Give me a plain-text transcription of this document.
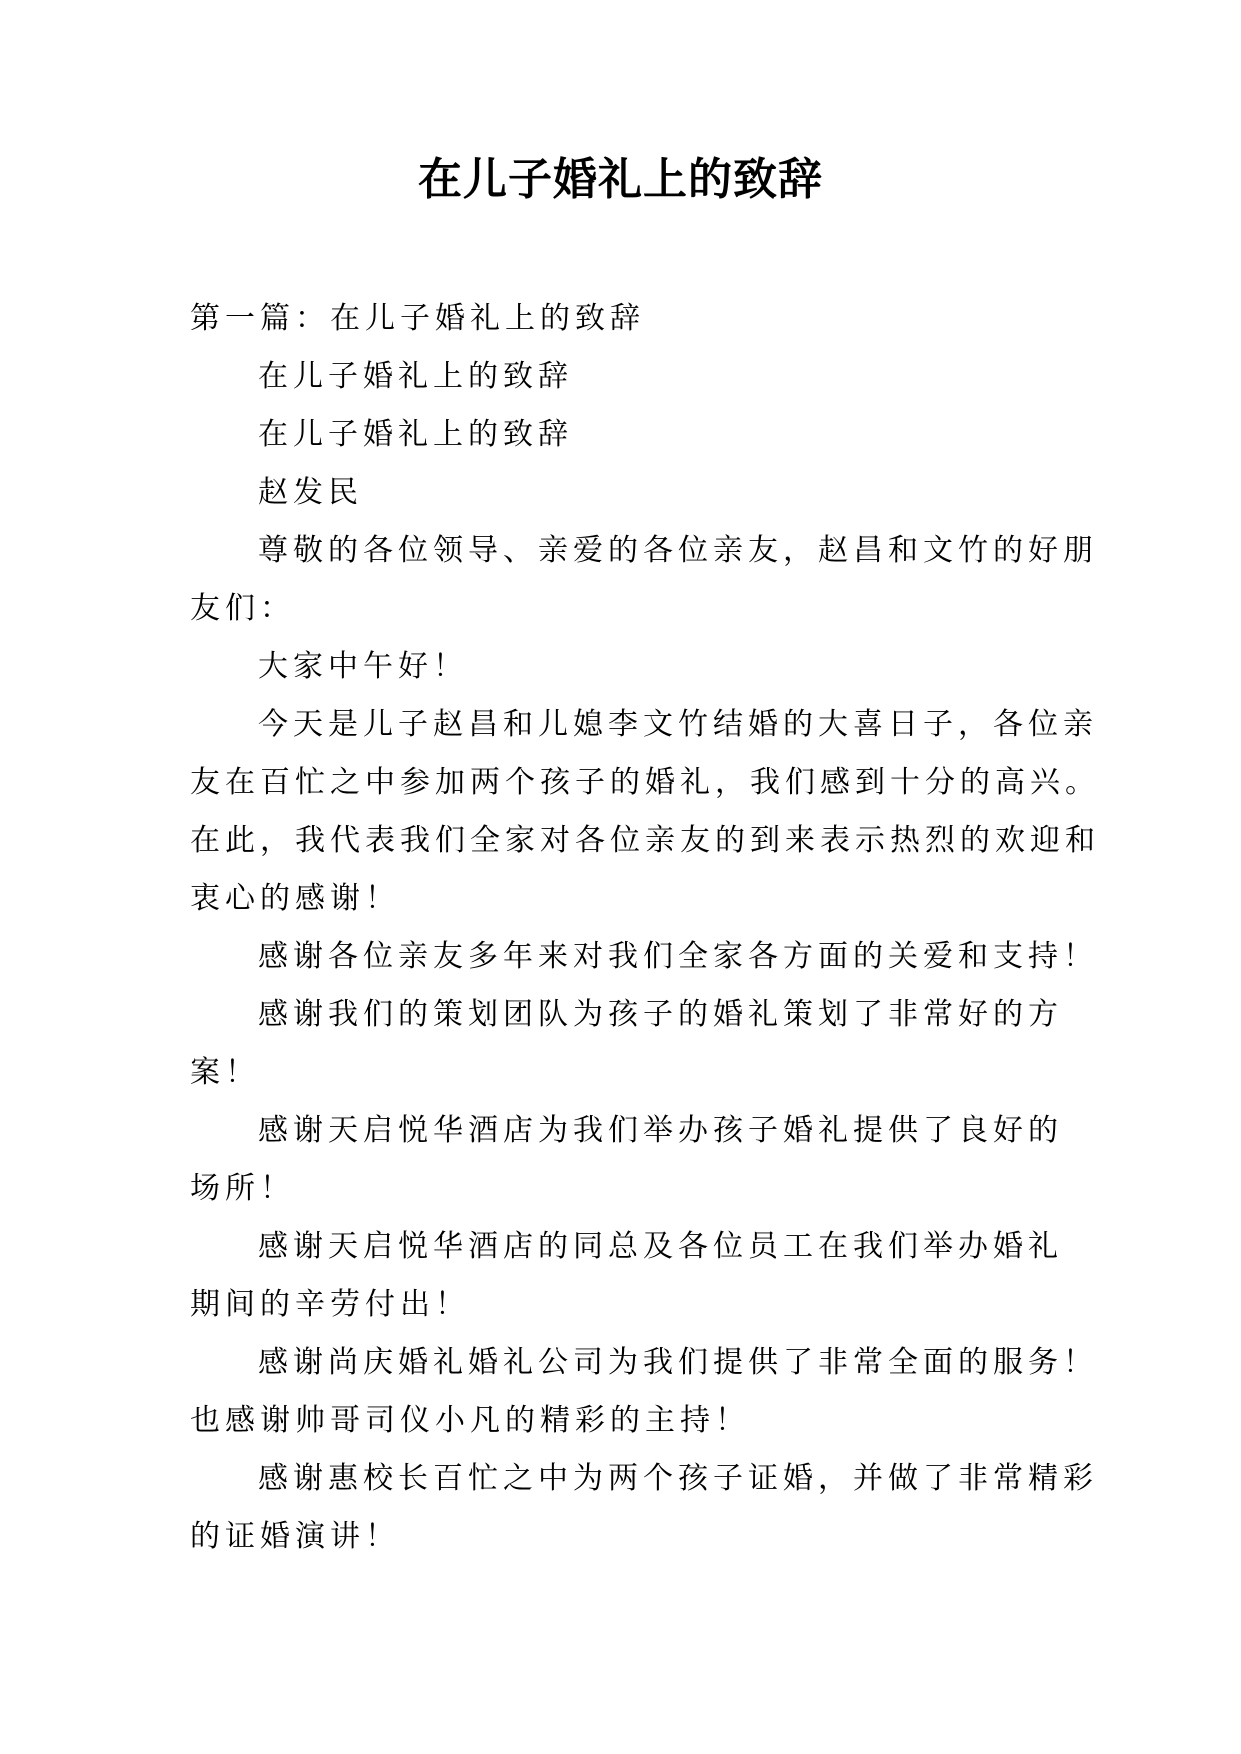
在儿子婚礼上的致辞

第一篇：在儿子婚礼上的致辞

在儿子婚礼上的致辞

在儿子婚礼上的致辞

赵发民

尊敬的各位领导、亲爱的各位亲友，赵昌和文竹的好朋

友们：

大家中午好！

今天是儿子赵昌和儿媳李文竹结婚的大喜日子，各位亲

友在百忙之中参加两个孩子的婚礼，我们感到十分的高兴。

在此，我代表我们全家对各位亲友的到来表示热烈的欢迎和

衷心的感谢！

感谢各位亲友多年来对我们全家各方面的关爱和支持！

感谢我们的策划团队为孩子的婚礼策划了非常好的方

案！

感谢天启悦华酒店为我们举办孩子婚礼提供了良好的

场所！

感谢天启悦华酒店的同总及各位员工在我们举办婚礼

期间的辛劳付出！

感谢尚庆婚礼婚礼公司为我们提供了非常全面的服务！

也感谢帅哥司仪小凡的精彩的主持！

感谢惠校长百忙之中为两个孩子证婚，并做了非常精彩

的证婚演讲！
